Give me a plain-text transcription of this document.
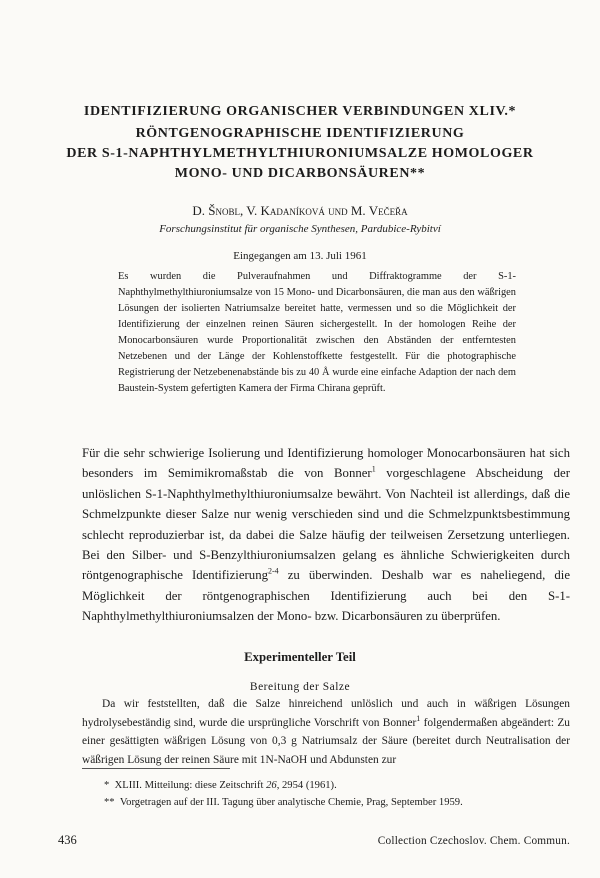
IDENTIFIZIERUNG ORGANISCHER VERBINDUNGEN XLIV.*

RÖNTGENOGRAPHISCHE IDENTIFIZIERUNG

DER S-1-NAPHTHYLMETHYLTHIURONIUMSALZE HOMOLOGER

MONO- UND DICARBONSÄUREN**

D. Šnobl, V. Kadaníková und M. Večeřa
Forschungsinstitut für organische Synthesen, Pardubice-Rybitví
Eingegangen am 13. Juli 1961

Es wurden die Pulveraufnahmen und Diffraktogramme der S-1-Naphthylmethylthiuroniumsalze von 15 Mono- und Dicarbonsäuren, die man aus den wäßrigen Lösungen der isolierten Natriumsalze bereitet hatte, vermessen und so die Möglichkeit der Identifizierung der einzelnen reinen Säuren sichergestellt. In der homologen Reihe der Monocarbonsäuren wurde Proportionalität zwischen den Abständen der entferntesten Netzebenen und der Länge der Kohlenstoffkette festgestellt. Für die photographische Registrierung der Netzebenenabstände bis zu 40 Å wurde eine einfache Adaption der nach dem Baustein-System gefertigten Kamera der Firma Chirana geprüft.

Für die sehr schwierige Isolierung und Identifizierung homologer Monocarbonsäuren hat sich besonders im Semimikromaßstab die von Bonner$^1$ vorgeschlagene Abscheidung der unlöslichen S-1-Naphthylmethylthiuroniumsalze bewährt. Von Nachteil ist allerdings, daß die Schmelzpunkte dieser Salze nur wenig verschieden sind und die Schmelzpunktsbestimmung schlecht reproduzierbar ist, da dabei die Salze häufig der teilweisen Zersetzung unterliegen. Bei den Silber- und S-Benzylthiuroniumsalzen gelang es ähnliche Schwierigkeiten durch röntgenographische Identifizierung$^{2-4}$ zu überwinden. Deshalb war es naheliegend, die Möglichkeit der röntgenographischen Identifizierung auch bei den S-1-Naphthylmethylthiuroniumsalzen der Mono- bzw. Dicarbonsäuren zu überprüfen.

Experimenteller Teil

Bereitung der Salze

Da wir feststellten, daß die Salze hinreichend unlöslich und auch in wäßrigen Lösungen hydrolysebeständig sind, wurde die ursprüngliche Vorschrift von Bonner$^1$ folgendermaßen abgeändert: Zu einer gesättigten wäßrigen Lösung von 0,3 g Natriumsalz der Säure (bereitet durch Neutralisation der wäßrigen Lösung der reinen Säure mit 1N-NaOH und Abdunsten zur

* XLIII. Mitteilung: diese Zeitschrift 26, 2954 (1961).

** Vorgetragen auf der III. Tagung über analytische Chemie, Prag, September 1959.

436	Collection Czechoslov. Chem. Commun.
